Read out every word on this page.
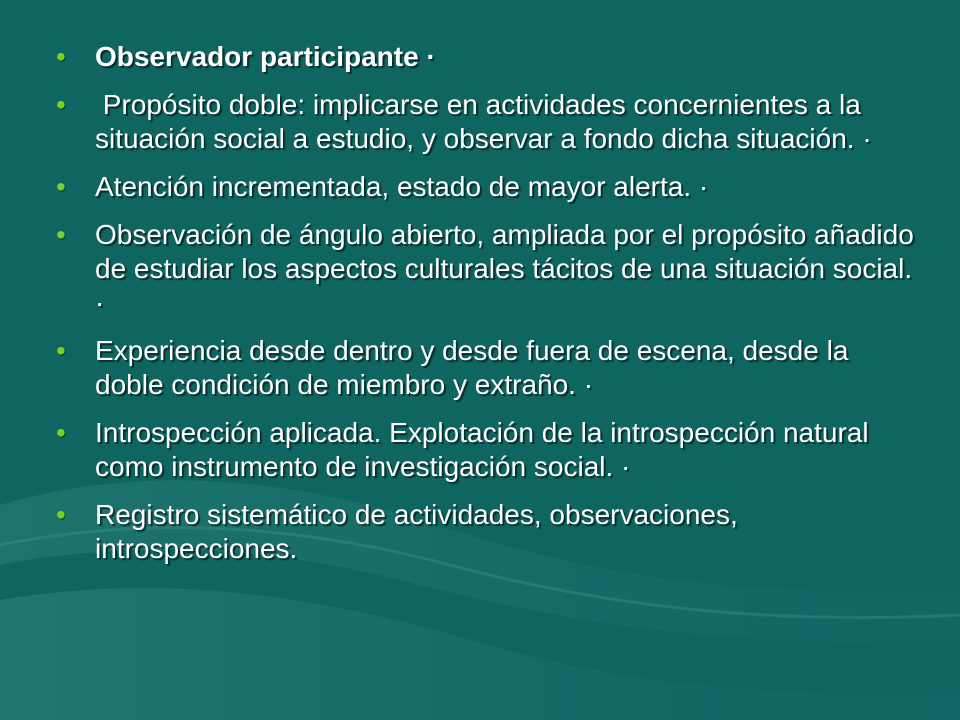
• Observador participante ·
• Propósito doble: implicarse en actividades concernientes a la situación social a estudio, y observar a fondo dicha situación. ·
• Atención incrementada, estado de mayor alerta. ·
• Observación de ángulo abierto, ampliada por el propósito añadido de estudiar los aspectos culturales tácitos de una situación social. ·
• Experiencia desde dentro y desde fuera de escena, desde la doble condición de miembro y extraño. ·
• Introspección aplicada. Explotación de la introspección natural como instrumento de investigación social. ·
• Registro sistemático de actividades, observaciones, introspecciones.
